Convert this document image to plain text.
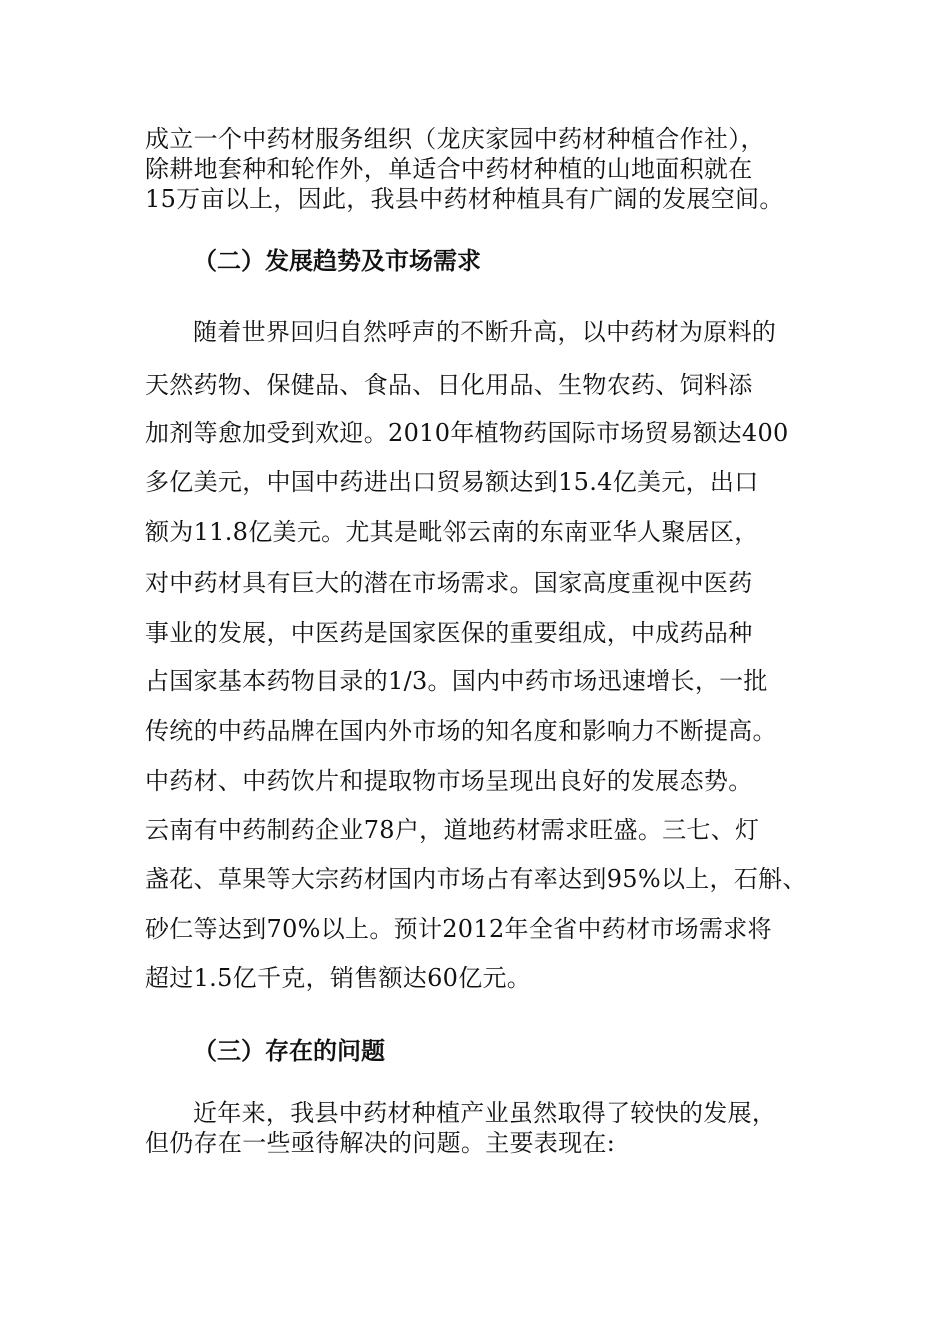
成立一个中药材服务组织（龙庆家园中药材种植合作社），
除耕地套种和轮作外，单适合中药材种植的山地面积就在
15万亩以上，因此，我县中药材种植具有广阔的发展空间。
（二）发展趋势及市场需求
随着世界回归自然呼声的不断升高，以中药材为原料的
天然药物、保健品、食品、日化用品、生物农药、饲料添
加剂等愈加受到欢迎。2010年植物药国际市场贸易额达400
多亿美元，中国中药进出口贸易额达到15.4亿美元，出口
额为11.8亿美元。尤其是毗邻云南的东南亚华人聚居区，
对中药材具有巨大的潜在市场需求。国家高度重视中医药
事业的发展，中医药是国家医保的重要组成，中成药品种
占国家基本药物目录的1/3。国内中药市场迅速增长，一批
传统的中药品牌在国内外市场的知名度和影响力不断提高。
中药材、中药饮片和提取物市场呈现出良好的发展态势。
云南有中药制药企业78户，道地药材需求旺盛。三七、灯
盏花、草果等大宗药材国内市场占有率达到95%以上，石斛、
砂仁等达到70%以上。预计2012年全省中药材市场需求将
超过1.5亿千克，销售额达60亿元。
（三）存在的问题
近年来，我县中药材种植产业虽然取得了较快的发展，
但仍存在一些亟待解决的问题。主要表现在:
